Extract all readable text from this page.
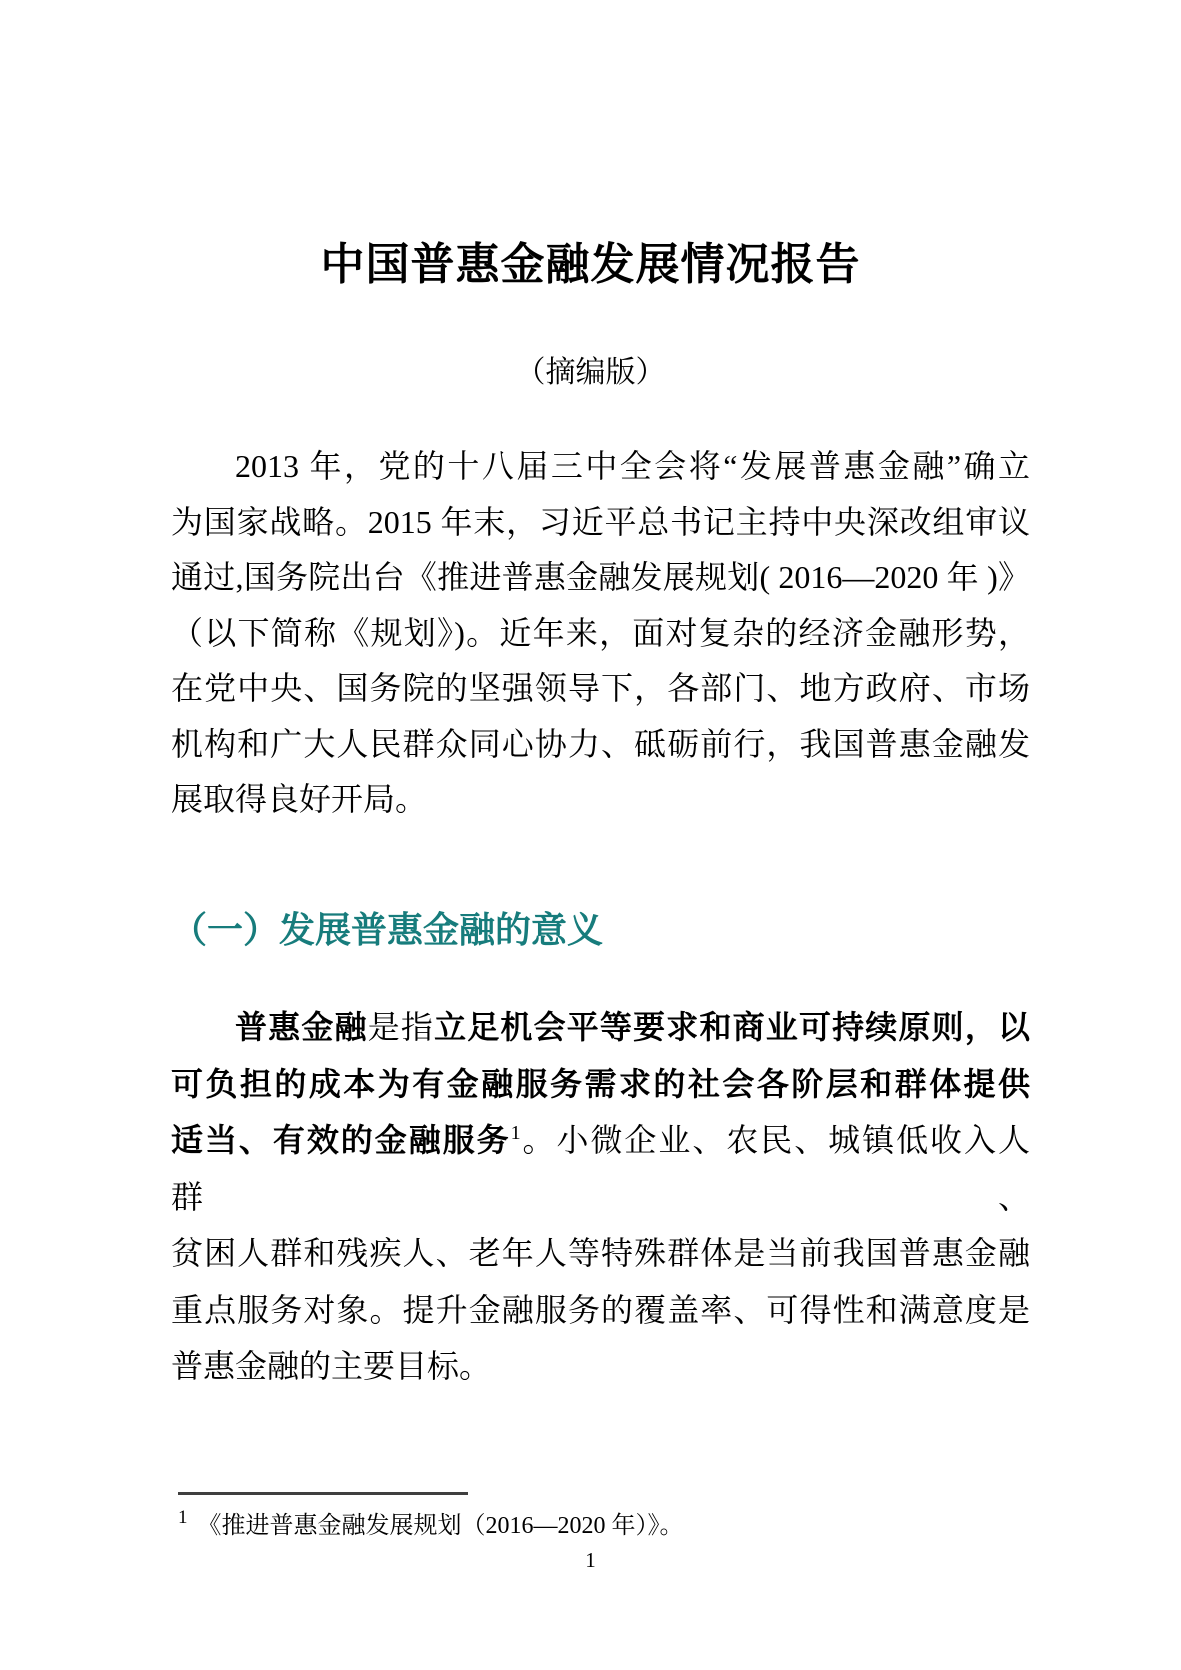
中国普惠金融发展情况报告
（摘编版）
2013 年，党的十八届三中全会将“发展普惠金融”确立
为国家战略。2015 年末，习近平总书记主持中央深改组审议
通过,国务院出台《推进普惠金融发展规划( 2016—2020 年 )》
（以下简称《规划》)。近年来，面对复杂的经济金融形势，
在党中央、国务院的坚强领导下，各部门、地方政府、市场
机构和广大人民群众同心协力、砥砺前行，我国普惠金融发
展取得良好开局。
（一）发展普惠金融的意义
普惠金融是指立足机会平等要求和商业可持续原则，以
可负担的成本为有金融服务需求的社会各阶层和群体提供
适当、有效的金融服务$^1$。小微企业、农民、城镇低收入人群、
贫困人群和残疾人、老年人等特殊群体是当前我国普惠金融
重点服务对象。提升金融服务的覆盖率、可得性和满意度是
普惠金融的主要目标。
$^1$ 《推进普惠金融发展规划（2016—2020 年）》。
1
